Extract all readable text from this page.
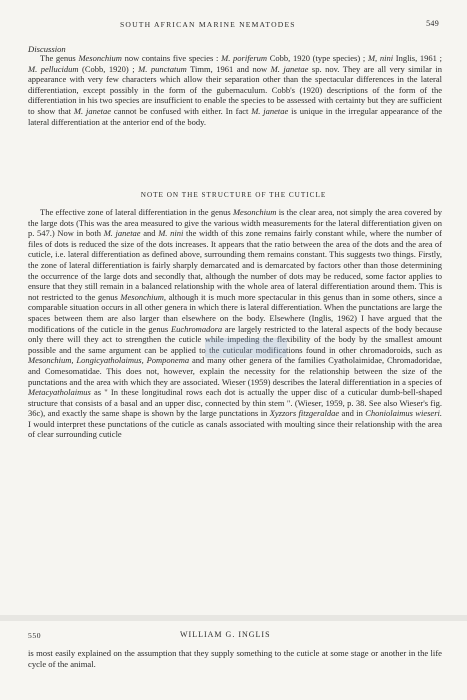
SOUTH AFRICAN MARINE NEMATODES	549
Discussion

The genus Mesonchium now contains five species : M. poriferum Cobb, 1920 (type species) ; M, nini Inglis, 1961 ; M. pellucidum (Cobb, 1920) ; M. punctatum Timm, 1961 and now M. janetae sp. nov. They are all very similar in appearance with very few characters which allow their separation other than the spectacular differences in the lateral differentiation, except possibly in the form of the gubernaculum. Cobb's (1920) descriptions of the form of the differentiation in his two species are insufficient to enable the species to be assessed with certainty but they are sufficient to show that M. janetae cannot be confused with either. In fact M. janetae is unique in the irregular appearance of the lateral differentiation at the anterior end of the body.

NOTE ON THE STRUCTURE OF THE CUTICLE

The effective zone of lateral differentiation in the genus Mesonchium is the clear area, not simply the area covered by the large dots (This was the area measured to give the various width measurements for the lateral differentiation given on p. 547.) Now in both M. janetae and M. nini the width of this zone remains fairly constant while, where the number of files of dots is reduced the size of the dots increases. It appears that the ratio between the area of the dots and the area of cuticle, i.e. lateral differentiation as defined above, surrounding them remains constant. This suggests two things. Firstly, the zone of lateral differentiation is fairly sharply demarcated and is demarcated by factors other than those determining the occurrence of the large dots and secondly that, although the number of dots may be reduced, some factor applies to ensure that they still remain in a balanced relationship with the whole area of lateral differentiation around them. This is not restricted to the genus Mesonchium, although it is much more spectacular in this genus than in some others, since a comparable situation occurs in all other genera in which there is lateral differentiation. When the punctations are large the spaces between them are also larger than elsewhere on the body. Elsewhere (Inglis, 1962) I have argued that the modifications of the cuticle in the genus Euchromadora are largely restricted to the lateral aspects of the body because only there will they act to strengthen the cuticle while impeding the flexibility of the body by the smallest amount possible and the same argument can be applied to the cuticular modifications found in other chromadoroids, such as Mesonchium, Longicyatholaimus, Pomponema and many other genera of the families Cyatholaimidae, Chromadoridae, and Comesomatidae. This does not, however, explain the necessity for the relationship between the size of the punctations and the area with which they are associated. Wieser (1959) describes the lateral differentiation in a species of Metacyatholaimus as " In these longitudinal rows each dot is actually the upper disc of a cuticular dumb-bell-shaped structure that consists of a basal and an upper disc, connected by thin stem ". (Wieser, 1959, p. 38. See also Wieser's fig. 36c), and exactly the same shape is shown by the large punctations in Xyzzors fitzgeraldae and in Choniolaimus wieseri. I would interpret these punctations of the cuticle as canals associated with moulting since their relationship with the area of clear surrounding cuticle

550	WILLIAM G. INGLIS

is most easily explained on the assumption that they supply something to the cuticle at some stage or another in the life cycle of the animal.
